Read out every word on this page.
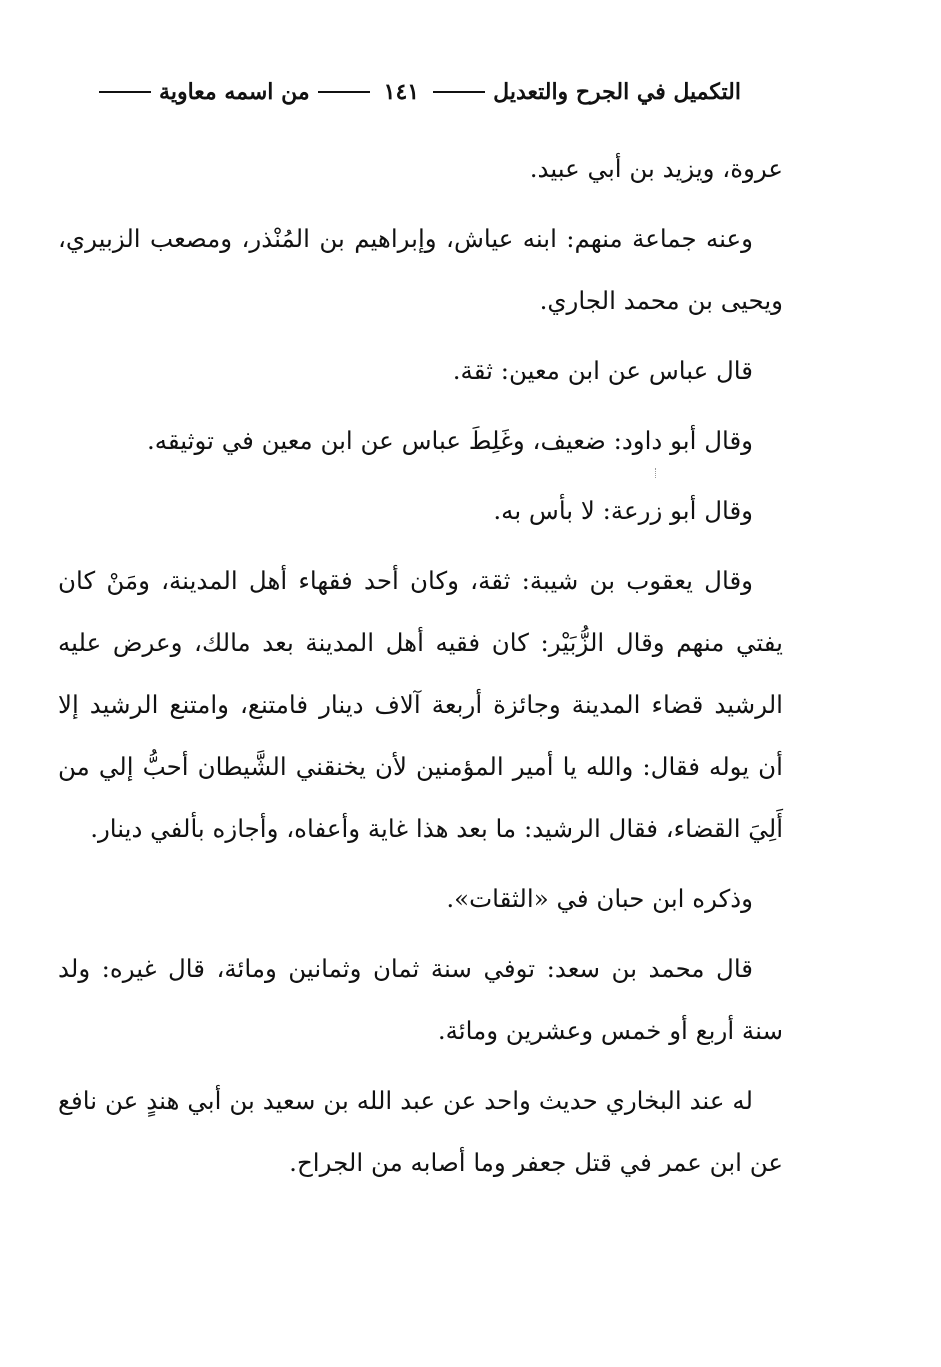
التكميل في الجرح والتعديل
١٤١
من اسمه معاوية

عروة، ويزيد بن أبي عبيد.

وعنه جماعة منهم: ابنه عياش، وإبراهيم بن المُنْذر، ومصعب الزبيري، ويحيى بن محمد الجاري.

قال عباس عن ابن معين: ثقة.

وقال أبو داود: ضعيف، وغَلِطَ عباس عن ابن معين في توثيقه.

وقال أبو زرعة: لا بأس به.

وقال يعقوب بن شيبة: ثقة، وكان أحد فقهاء أهل المدينة، ومَنْ كان يفتي منهم وقال الزُّبَيْر: كان فقيه أهل المدينة بعد مالك، وعرض عليه الرشيد قضاء المدينة وجائزة أربعة آلاف دينار فامتنع، وامتنع الرشيد إلا أن يوله فقال: والله يا أمير المؤمنين لأن يخنقني الشَّيطان أحبُّ إلي من أَلِيَ القضاء، فقال الرشيد: ما بعد هذا غاية وأعفاه، وأجازه بألفي دينار.

وذكره ابن حبان في «الثقات».

قال محمد بن سعد: توفي سنة ثمان وثمانين ومائة، قال غيره: ولد سنة أربع أو خمس وعشرين ومائة.

له عند البخاري حديث واحد عن عبد الله بن سعيد بن أبي هندٍ عن نافع عن ابن عمر في قتل جعفر وما أصابه من الجراح.
